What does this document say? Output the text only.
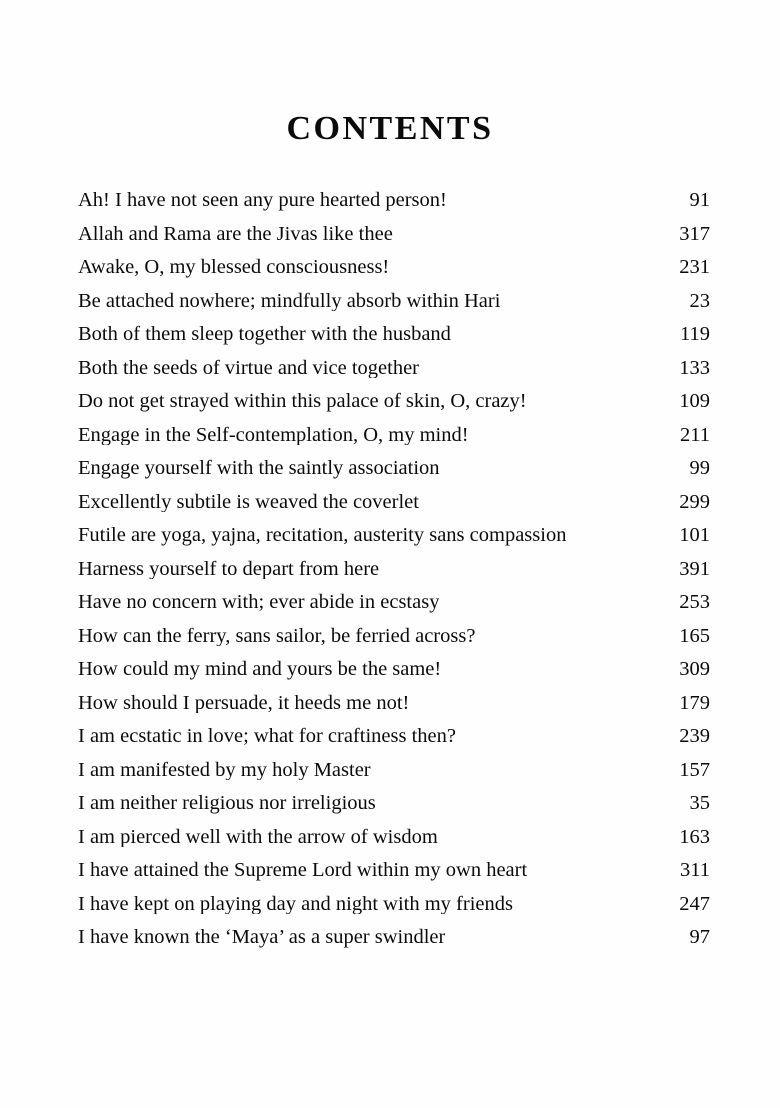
CONTENTS
Ah! I have not seen any pure hearted person!	91
Allah and Rama are the Jivas like thee	317
Awake, O, my blessed consciousness!	231
Be attached nowhere; mindfully absorb within Hari	23
Both of them sleep together with the husband	119
Both the seeds of virtue and vice together	133
Do not get strayed within this palace of skin, O, crazy!	109
Engage in the Self-contemplation, O, my mind!	211
Engage yourself with the saintly association	99
Excellently subtile is weaved the coverlet	299
Futile are yoga, yajna, recitation, austerity sans compassion	101
Harness yourself to depart from here	391
Have no concern with; ever abide in ecstasy	253
How can the ferry, sans sailor, be ferried across?	165
How could my mind and yours be the same!	309
How should I persuade, it heeds me not!	179
I am ecstatic in love; what for craftiness then?	239
I am manifested by my holy Master	157
I am neither religious nor irreligious	35
I am pierced well with the arrow of wisdom	163
I have attained the Supreme Lord within my own heart	311
I have kept on playing day and night with my friends	247
I have known the ‘Maya’ as a super swindler	97
